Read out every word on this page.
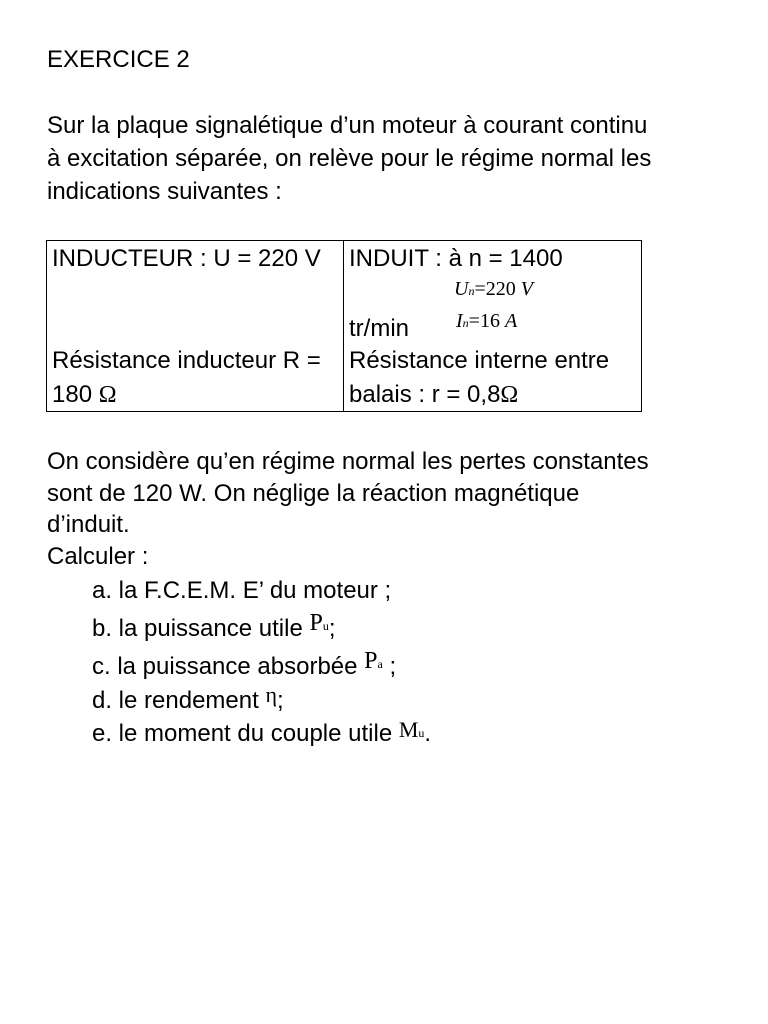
EXERCICE 2
Sur la plaque signalétique d’un moteur à courant continu
à excitation séparée, on relève pour le régime normal les
indications suivantes :
INDUCTEUR : U = 220 V
Résistance inducteur R =
180 Ω
INDUIT : à n = 1400
Un=220 V
tr/min In=16 A
Résistance interne entre
balais : r = 0,8Ω
On considère qu’en régime normal les pertes constantes
sont de 120 W. On néglige la réaction magnétique
d’induit.
Calculer :
a. la F.C.E.M. E’ du moteur ;
b. la puissance utile Pu;
c. la puissance absorbée Pa ;
d. le rendement η;
e. le moment du couple utile Mu.
